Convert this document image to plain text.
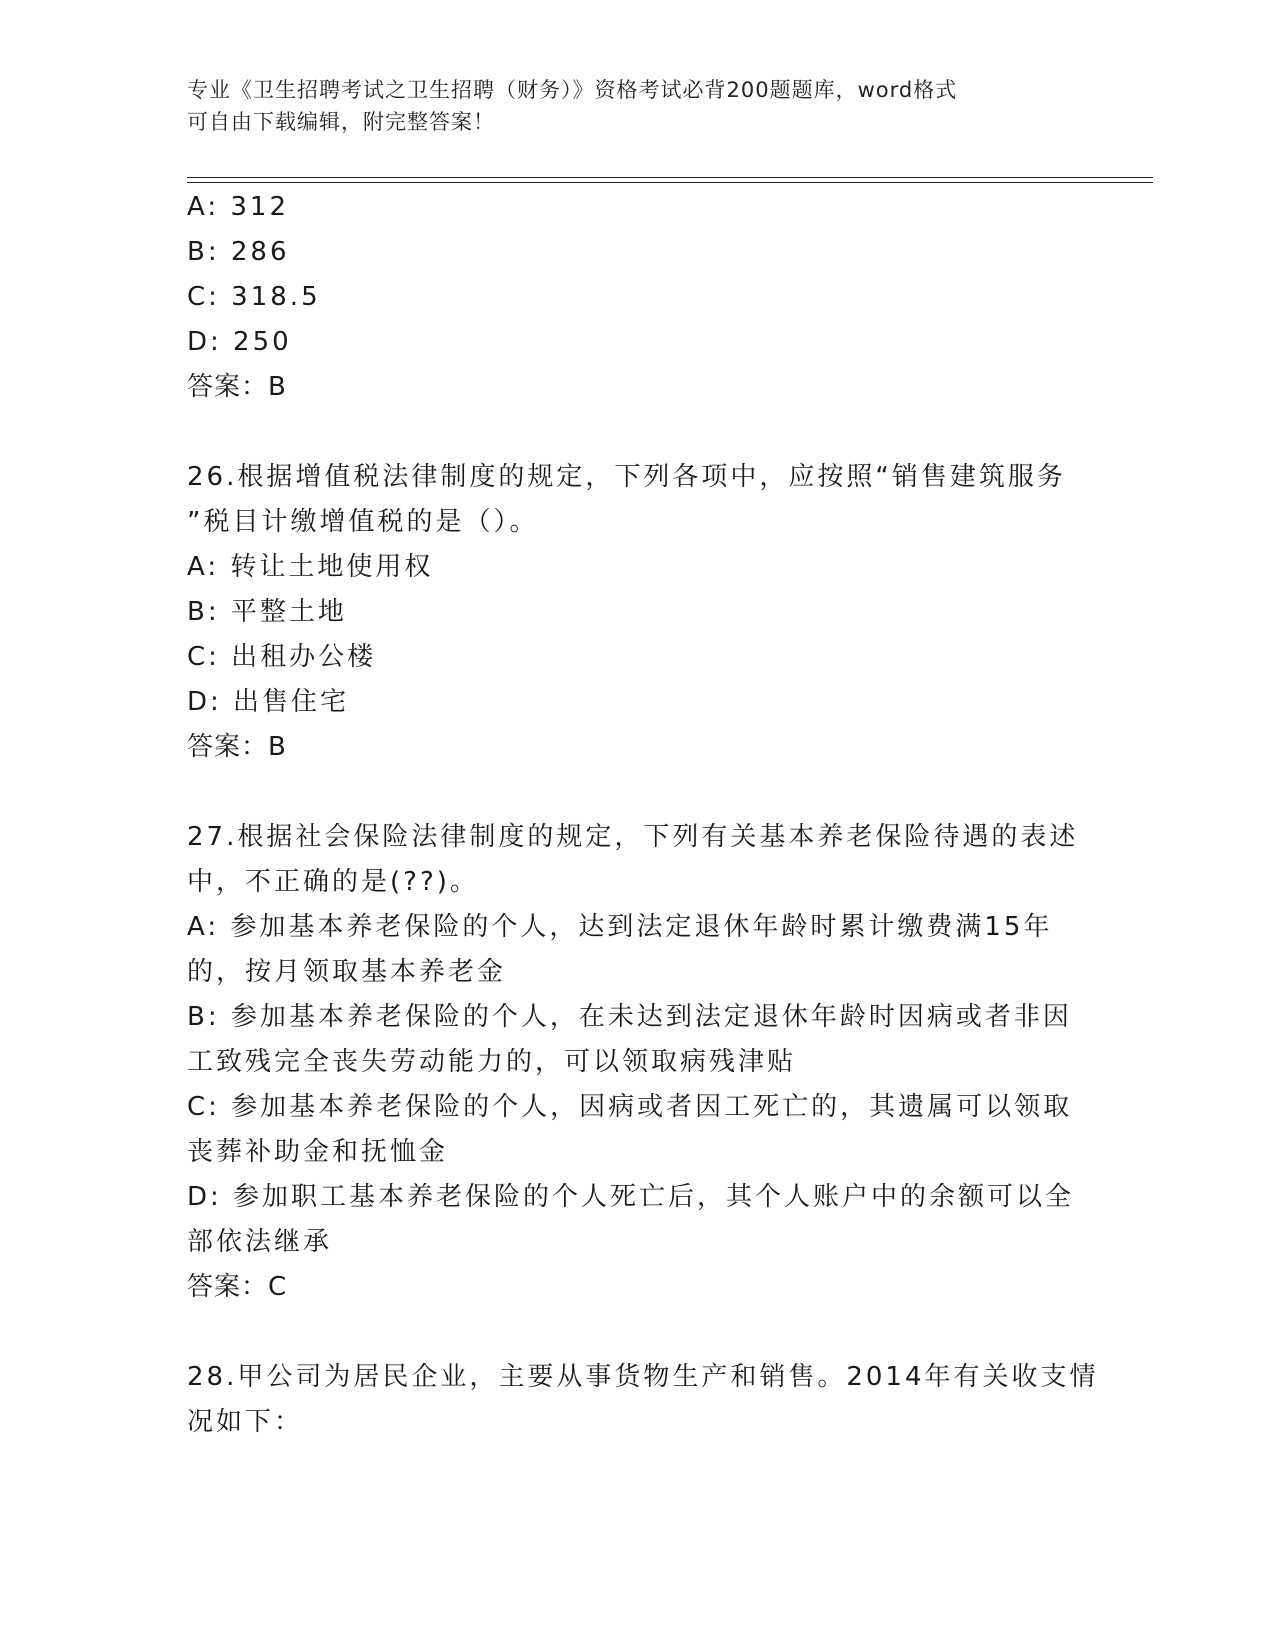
专业《卫生招聘考试之卫生招聘（财务）》资格考试必背200题题库，word格式
可自由下载编辑，附完整答案！
A: 312
B: 286
C: 318.5
D: 250
答案：B
26.根据增值税法律制度的规定，下列各项中，应按照“销售建筑服务
”税目计缴增值税的是（）。
A: 转让土地使用权
B: 平整土地
C: 出租办公楼
D: 出售住宅
答案：B
27.根据社会保险法律制度的规定，下列有关基本养老保险待遇的表述
中，不正确的是(??)。
A: 参加基本养老保险的个人，达到法定退休年龄时累计缴费满15年
的，按月领取基本养老金
B: 参加基本养老保险的个人，在未达到法定退休年龄时因病或者非因
工致残完全丧失劳动能力的，可以领取病残津贴
C: 参加基本养老保险的个人，因病或者因工死亡的，其遗属可以领取
丧葬补助金和抚恤金
D: 参加职工基本养老保险的个人死亡后，其个人账户中的余额可以全
部依法继承
答案：C
28.甲公司为居民企业，主要从事货物生产和销售。2014年有关收支情
况如下：
